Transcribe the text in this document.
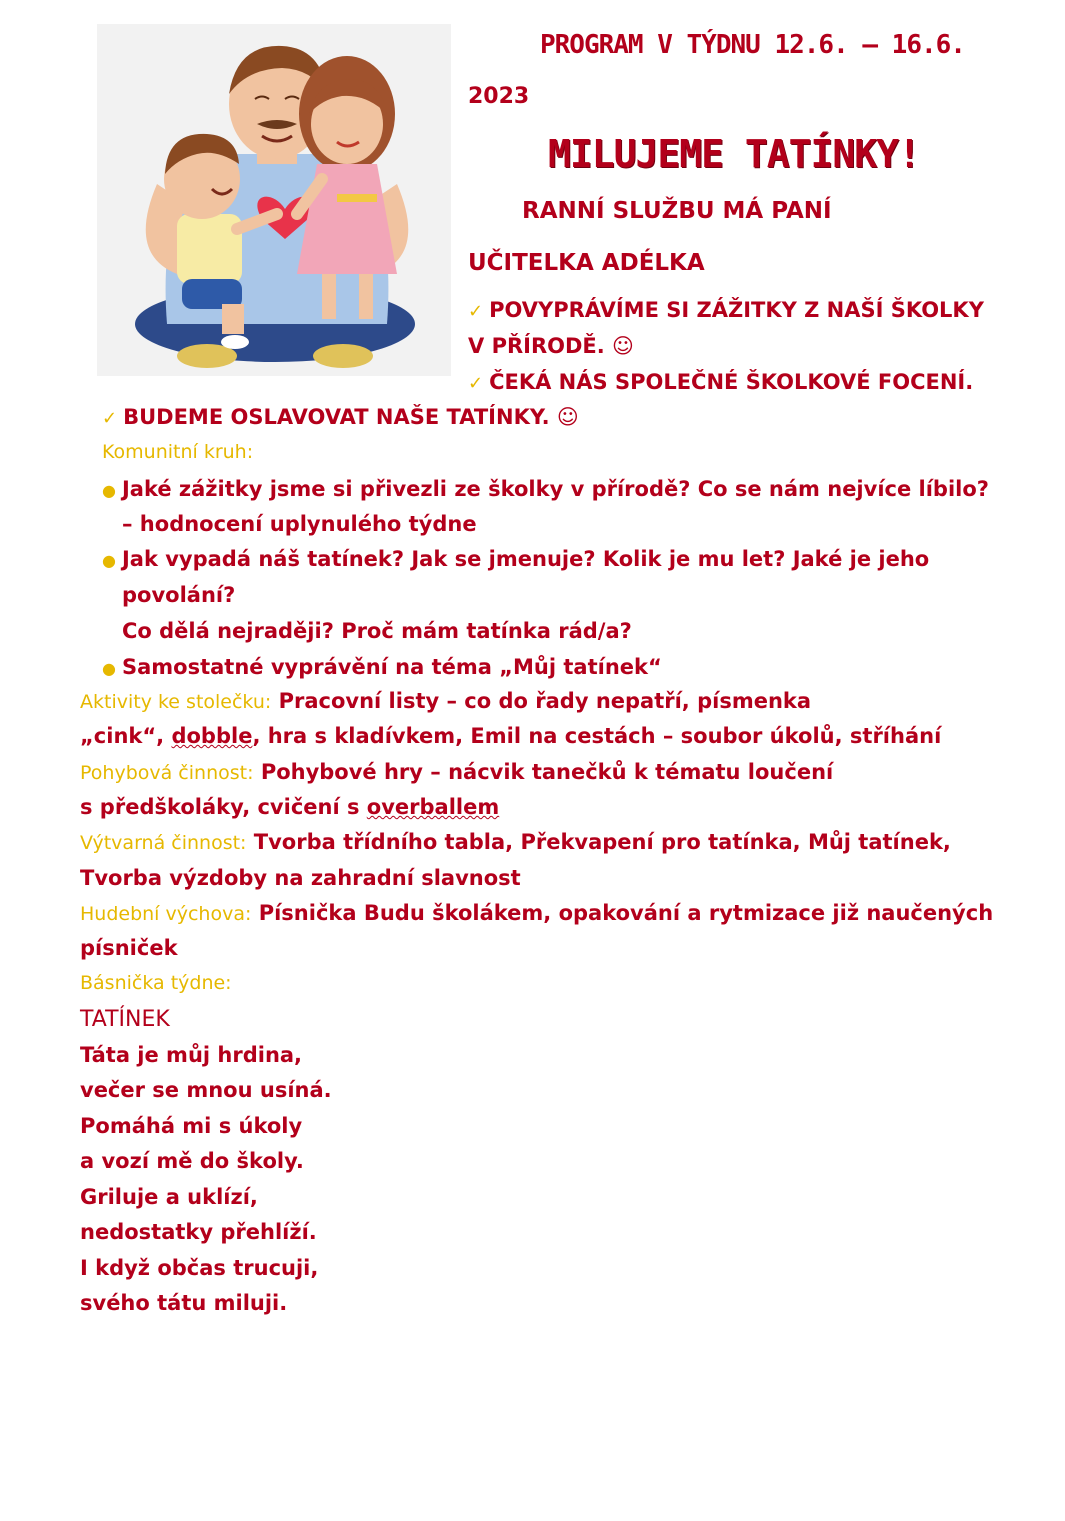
PROGRAM V TÝDNU 12.6. – 16.6.
2023
MILUJEME TATÍNKY!
RANNÍ SLUŽBU MÁ PANÍ
UČITELKA ADÉLKA
✓ POVYPRÁVÍME SI ZÁŽITKY Z NAŠÍ ŠKOLKY
V PŘÍRODĚ. ☺
✓ ČEKÁ NÁS SPOLEČNÉ ŠKOLKOVÉ FOCENÍ.
✓ BUDEME OSLAVOVAT NAŠE TATÍNKY. ☺
Komunitní kruh:
● Jaké zážitky jsme si přivezli ze školky v přírodě? Co se nám nejvíce líbilo?
– hodnocení uplynulého týdne
● Jak vypadá náš tatínek? Jak se jmenuje? Kolik je mu let? Jaké je jeho
povolání?
Co dělá nejraději? Proč mám tatínka rád/a?
● Samostatné vyprávění na téma „Můj tatínek“
Aktivity ke stolečku: Pracovní listy – co do řady nepatří, písmenka
„cink“, dobble, hra s kladívkem, Emil na cestách – soubor úkolů, stříhání
Pohybová činnost: Pohybové hry – nácvik tanečků k tématu loučení
s předškoláky, cvičení s overballem
Výtvarná činnost: Tvorba třídního tabla, Překvapení pro tatínka, Můj tatínek,
Tvorba výzdoby na zahradní slavnost
Hudební výchova: Písnička Budu školákem, opakování a rytmizace již naučených
písniček
Básnička týdne:
TATÍNEK
Táta je můj hrdina,
večer se mnou usíná.
Pomáhá mi s úkoly
a vozí mě do školy.
Griluje a uklízí,
nedostatky přehlíží.
I když občas trucuji,
svého tátu miluji.
